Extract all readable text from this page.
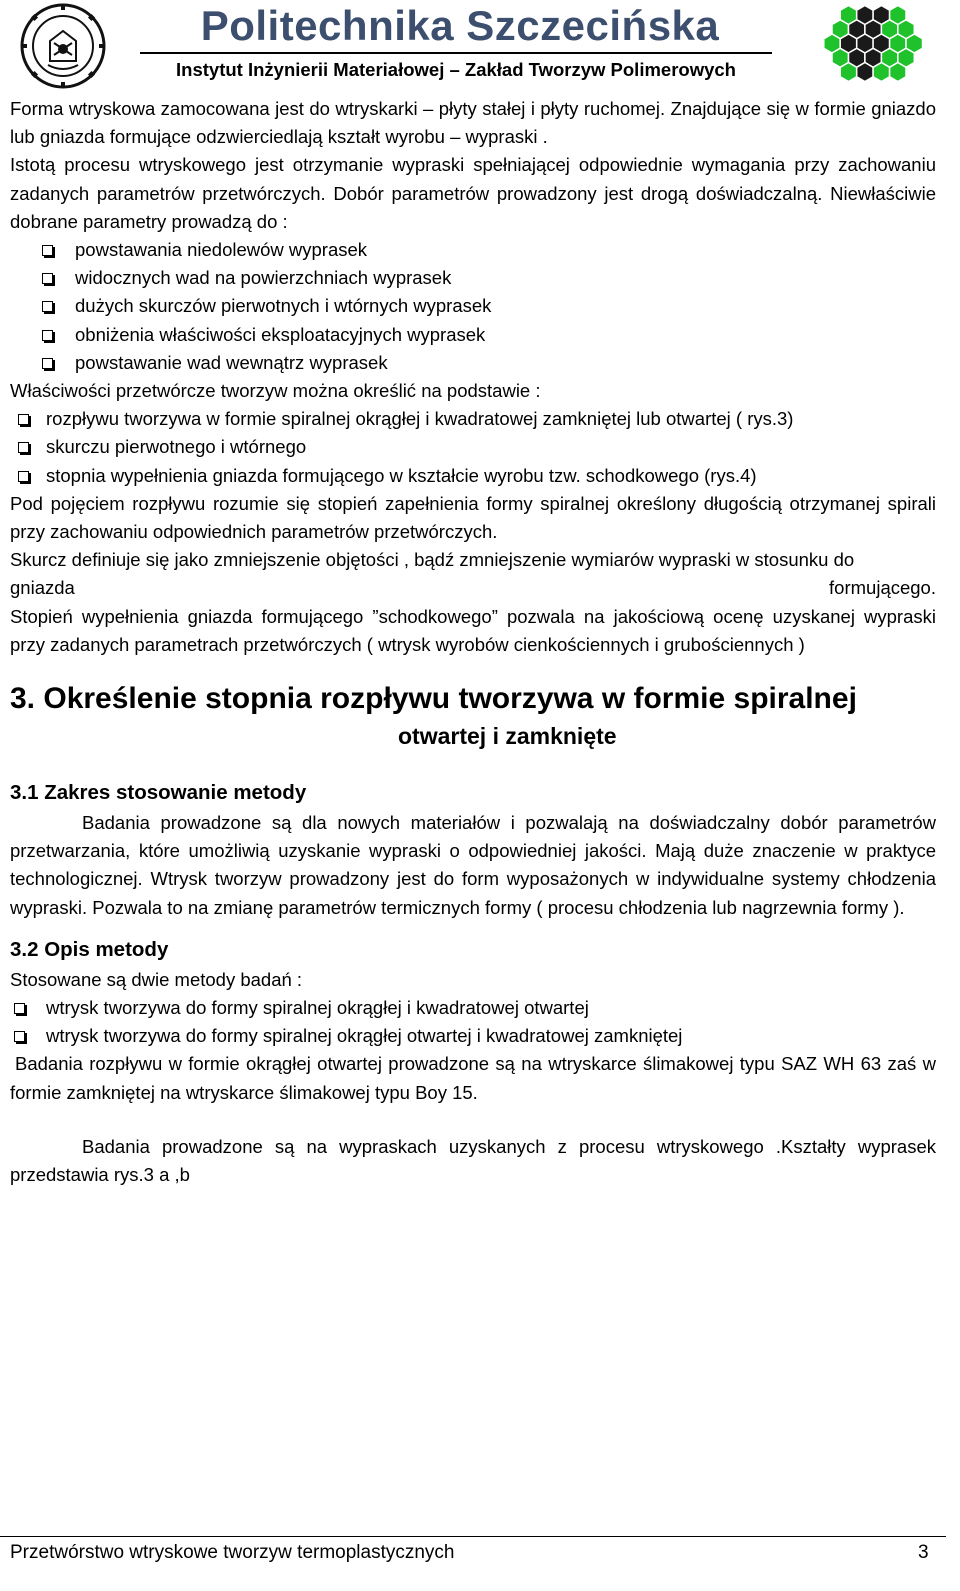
Politechnika Szczecińska
Instytut Inżynierii Materiałowej – Zakład Tworzyw Polimerowych

Forma wtryskowa zamocowana jest do wtryskarki – płyty stałej i płyty ruchomej. Znajdujące się w formie gniazdo lub gniazda formujące odzwierciedlają kształt wyrobu – wypraski .

Istotą procesu wtryskowego jest otrzymanie wypraski spełniającej odpowiednie wymagania przy zachowaniu zadanych parametrów przetwórczych. Dobór parametrów prowadzony jest drogą doświadczalną. Niewłaściwie dobrane parametry prowadzą do :

powstawania niedolewów wyprasek
widocznych wad na powierzchniach wyprasek
dużych skurczów pierwotnych i wtórnych wyprasek
obniżenia właściwości eksploatacyjnych wyprasek
powstawanie wad wewnątrz wyprasek

Właściwości przetwórcze tworzyw można określić na podstawie :

rozpływu tworzywa w formie spiralnej okrągłej i kwadratowej zamkniętej lub otwartej ( rys.3)
skurczu pierwotnego i wtórnego
stopnia wypełnienia gniazda formującego w kształcie wyrobu tzw. schodkowego (rys.4)

Pod pojęciem rozpływu rozumie się stopień zapełnienia formy spiralnej określony długością otrzymanej spirali przy zachowaniu odpowiednich parametrów przetwórczych.

Skurcz definiuje się jako zmniejszenie objętości , bądź zmniejszenie wymiarów wypraski w stosunku do

gniazda	formującego.

Stopień wypełnienia gniazda formującego ”schodkowego” pozwala na jakościową ocenę uzyskanej wypraski przy zadanych parametrach przetwórczych ( wtrysk wyrobów cienkościennych i grubościennych )

3. Określenie stopnia rozpływu tworzywa w formie spiralnej
otwartej i zamknięte
3.1 Zakres stosowanie metody

Badania prowadzone są dla nowych materiałów i pozwalają na doświadczalny dobór parametrów przetwarzania, które umożliwią uzyskanie wypraski o odpowiedniej jakości. Mają duże znaczenie w praktyce technologicznej. Wtrysk tworzyw prowadzony jest do form wyposażonych w indywidualne systemy chłodzenia wypraski. Pozwala to na zmianę parametrów termicznych formy ( procesu chłodzenia lub nagrzewnia formy ).

3.2 Opis metody

Stosowane są dwie metody badań :

wtrysk tworzywa do formy spiralnej okrągłej i kwadratowej otwartej
wtrysk tworzywa do formy spiralnej okrągłej otwartej i kwadratowej zamkniętej

Badania rozpływu w formie okrągłej otwartej prowadzone są na wtryskarce ślimakowej typu SAZ WH 63 zaś w formie zamkniętej na wtryskarce ślimakowej typu Boy 15.

Badania prowadzone są na wypraskach uzyskanych z procesu wtryskowego .Kształty wyprasek przedstawia rys.3 a ,b

Przetwórstwo wtryskowe tworzyw termoplastycznych	3
